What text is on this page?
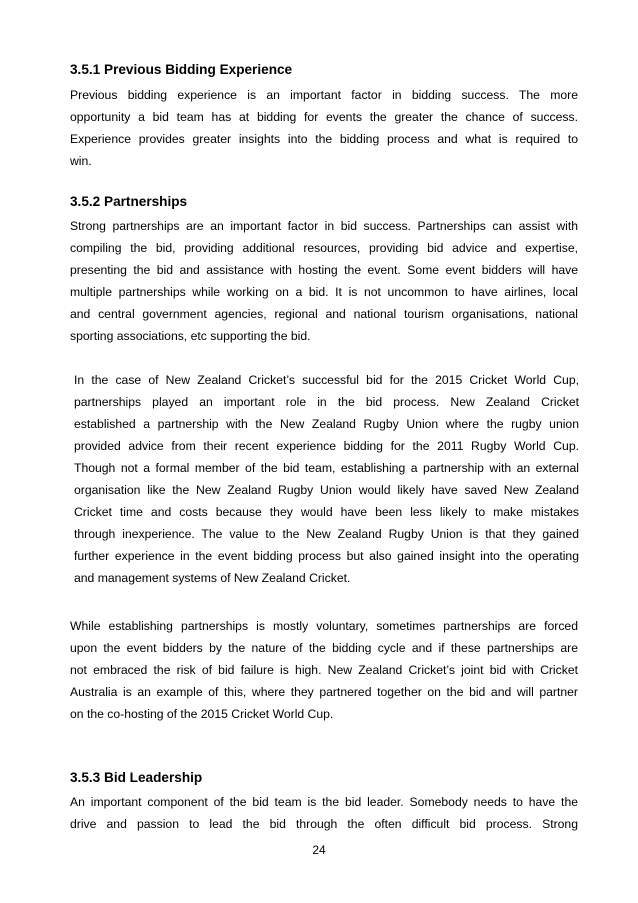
3.5.1 Previous Bidding Experience
Previous bidding experience is an important factor in bidding success. The more
opportunity a bid team has at bidding for events the greater the chance of success.
Experience provides greater insights into the bidding process and what is required to
win.
3.5.2 Partnerships
Strong partnerships are an important factor in bid success. Partnerships can assist with
compiling the bid, providing additional resources, providing bid advice and expertise,
presenting the bid and assistance with hosting the event. Some event bidders will have
multiple partnerships while working on a bid. It is not uncommon to have airlines, local
and central government agencies, regional and national tourism organisations, national
sporting associations, etc supporting the bid.
In the case of New Zealand Cricket’s successful bid for the 2015 Cricket World Cup,
partnerships played an important role in the bid process. New Zealand Cricket
established a partnership with the New Zealand Rugby Union where the rugby union
provided advice from their recent experience bidding for the 2011 Rugby World Cup.
Though not a formal member of the bid team, establishing a partnership with an external
organisation like the New Zealand Rugby Union would likely have saved New Zealand
Cricket time and costs because they would have been less likely to make mistakes
through inexperience. The value to the New Zealand Rugby Union is that they gained
further experience in the event bidding process but also gained insight into the operating
and management systems of New Zealand Cricket.
While establishing partnerships is mostly voluntary, sometimes partnerships are forced
upon the event bidders by the nature of the bidding cycle and if these partnerships are
not embraced the risk of bid failure is high. New Zealand Cricket’s joint bid with Cricket
Australia is an example of this, where they partnered together on the bid and will partner
on the co-hosting of the 2015 Cricket World Cup.
3.5.3 Bid Leadership
An important component of the bid team is the bid leader. Somebody needs to have the
drive and passion to lead the bid through the often difficult bid process. Strong
24
